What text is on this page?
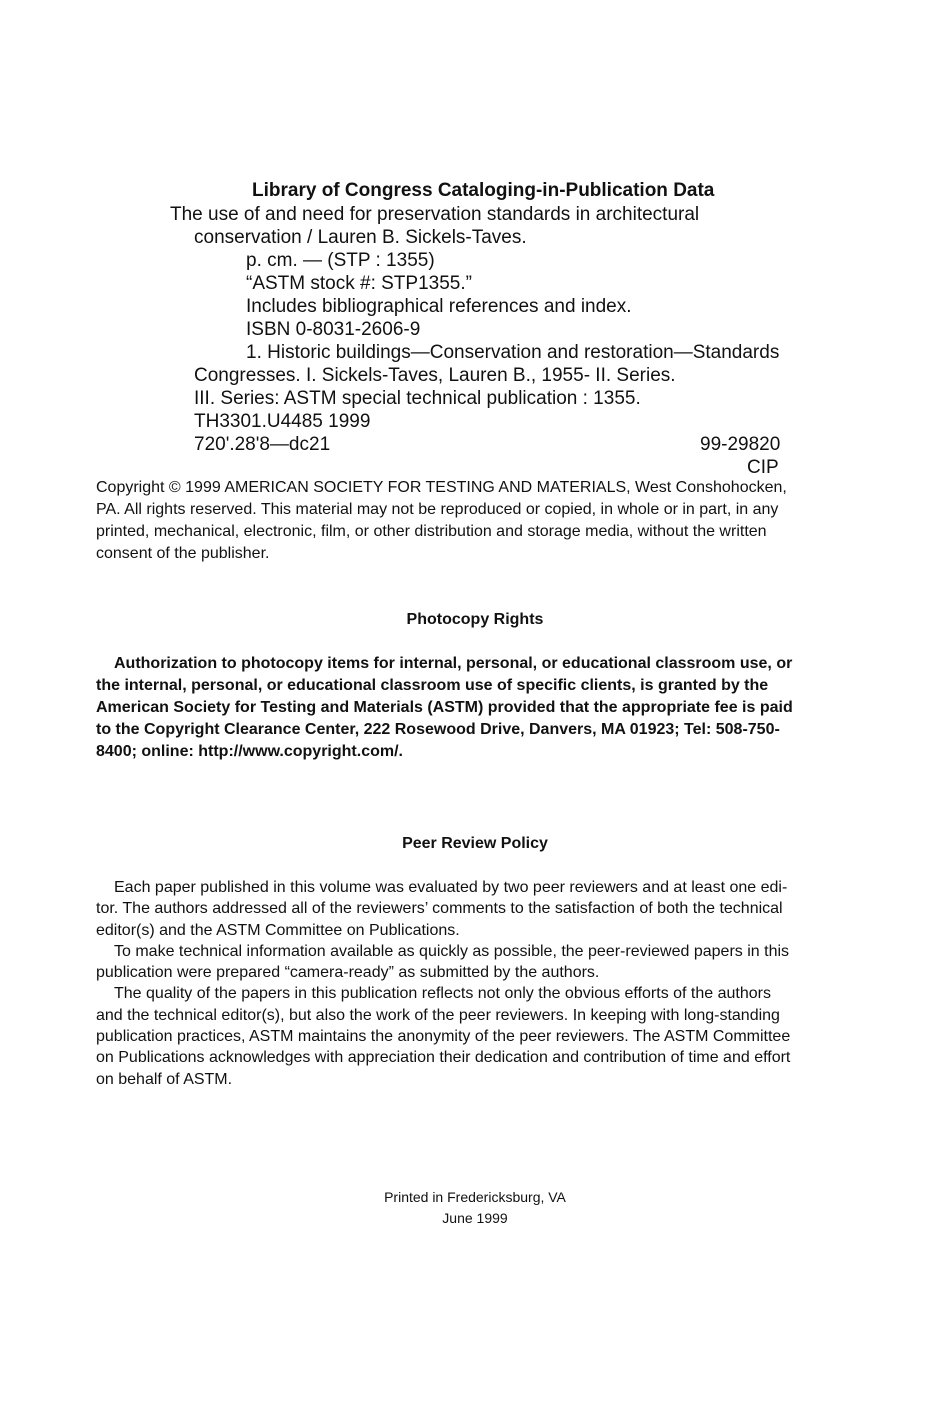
Library of Congress Cataloging-in-Publication Data
The use of and need for preservation standards in architectural
conservation / Lauren B. Sickels-Taves.
p. cm. — (STP : 1355)
“ASTM stock #: STP1355.”
Includes bibliographical references and index.
ISBN 0-8031-2606-9
1. Historic buildings—Conservation and restoration—Standards
Congresses. I. Sickels-Taves, Lauren B., 1955- II. Series.
III. Series: ASTM special technical publication : 1355.
TH3301.U4485 1999
720'.28'8—dc21	99-29820
CIP

Copyright © 1999 AMERICAN SOCIETY FOR TESTING AND MATERIALS, West Conshohocken,
PA. All rights reserved. This material may not be reproduced or copied, in whole or in part, in any
printed, mechanical, electronic, film, or other distribution and storage media, without the written
consent of the publisher.

Photocopy Rights

Authorization to photocopy items for internal, personal, or educational classroom use, or
the internal, personal, or educational classroom use of specific clients, is granted by the
American Society for Testing and Materials (ASTM) provided that the appropriate fee is paid
to the Copyright Clearance Center, 222 Rosewood Drive, Danvers, MA 01923; Tel: 508-750-
8400; online: http://www.copyright.com/.

Peer Review Policy

Each paper published in this volume was evaluated by two peer reviewers and at least one edi-
tor. The authors addressed all of the reviewers’ comments to the satisfaction of both the technical
editor(s) and the ASTM Committee on Publications.
To make technical information available as quickly as possible, the peer-reviewed papers in this
publication were prepared “camera-ready” as submitted by the authors.
The quality of the papers in this publication reflects not only the obvious efforts of the authors
and the technical editor(s), but also the work of the peer reviewers. In keeping with long-standing
publication practices, ASTM maintains the anonymity of the peer reviewers. The ASTM Committee
on Publications acknowledges with appreciation their dedication and contribution of time and effort
on behalf of ASTM.

Printed in Fredericksburg, VA
June 1999
